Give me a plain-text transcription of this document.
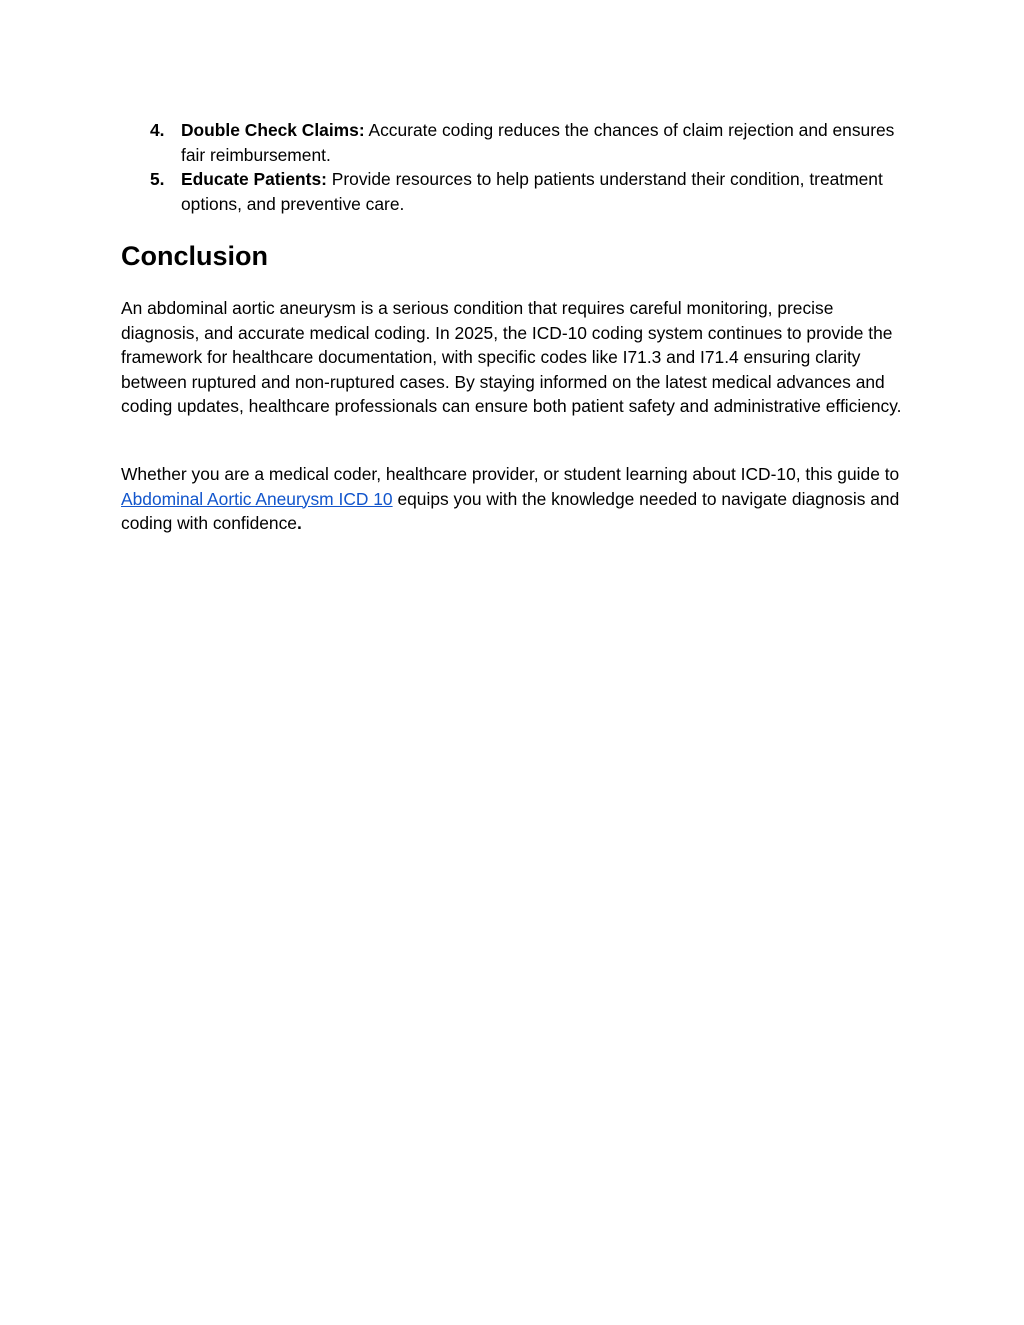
4. Double Check Claims: Accurate coding reduces the chances of claim rejection and ensures fair reimbursement.
5. Educate Patients: Provide resources to help patients understand their condition, treatment options, and preventive care.
Conclusion

An abdominal aortic aneurysm is a serious condition that requires careful monitoring, precise diagnosis, and accurate medical coding. In 2025, the ICD-10 coding system continues to provide the framework for healthcare documentation, with specific codes like I71.3 and I71.4 ensuring clarity between ruptured and non-ruptured cases. By staying informed on the latest medical advances and coding updates, healthcare professionals can ensure both patient safety and administrative efficiency.

Whether you are a medical coder, healthcare provider, or student learning about ICD-10, this guide to Abdominal Aortic Aneurysm ICD 10 equips you with the knowledge needed to navigate diagnosis and coding with confidence.
